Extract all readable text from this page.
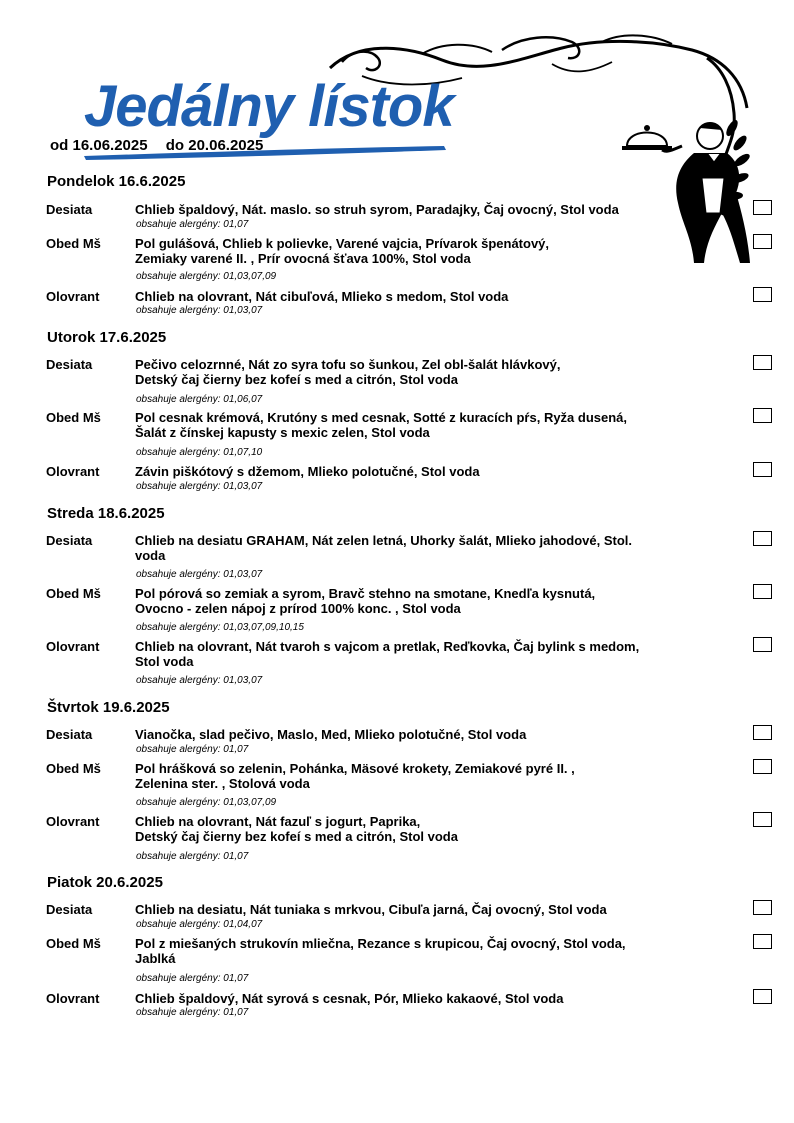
Jedálny lístok
od 16.06.2025 do 20.06.2025
Pondelok 16.6.2025
Desiata	Chlieb špaldový, Nát. maslo. so struh syrom, Paradajky, Čaj ovocný, Stol voda
obsahuje alergény: 01,07
Obed Mš	Pol gulášová, Chlieb k polievke, Varené vajcia, Prívarok špenátový,
Zemiaky varené II. , Prír ovocná šťava 100%, Stol voda
obsahuje alergény: 01,03,07,09
Olovrant	Chlieb na olovrant, Nát cibuľová, Mlieko s medom, Stol voda
obsahuje alergény: 01,03,07
Utorok 17.6.2025
Desiata	Pečivo celozrnné, Nát zo syra tofu so šunkou, Zel obl-šalát hlávkový,
Detský čaj čierny bez kofeí s med a citrón, Stol voda
obsahuje alergény: 01,06,07
Obed Mš	Pol cesnak krémová, Krutóny s med cesnak, Sotté z kuracích pŕs, Ryža dusená,
Šalát z čínskej kapusty s mexic zelen, Stol voda
obsahuje alergény: 01,07,10
Olovrant	Závin piškótový s džemom, Mlieko polotučné, Stol voda
obsahuje alergény: 01,03,07
Streda 18.6.2025
Desiata	Chlieb na desiatu GRAHAM, Nát zelen letná, Uhorky šalát, Mlieko jahodové, Stol.
voda
obsahuje alergény: 01,03,07
Obed Mš	Pol pórová so zemiak a syrom, Bravč stehno na smotane, Knedľa kysnutá,
Ovocno - zelen nápoj z prírod 100% konc. , Stol voda
obsahuje alergény: 01,03,07,09,10,15
Olovrant	Chlieb na olovrant, Nát tvaroh s vajcom a pretlak, Reďkovka, Čaj bylink s medom,
Stol voda
obsahuje alergény: 01,03,07
Štvrtok 19.6.2025
Desiata	Vianočka, slad pečivo, Maslo, Med, Mlieko polotučné, Stol voda
obsahuje alergény: 01,07
Obed Mš	Pol hrášková so zelenin, Pohánka, Mäsové krokety, Zemiakové pyré II. ,
Zelenina ster. , Stolová voda
obsahuje alergény: 01,03,07,09
Olovrant	Chlieb na olovrant, Nát fazuľ s jogurt, Paprika,
Detský čaj čierny bez kofeí s med a citrón, Stol voda
obsahuje alergény: 01,07
Piatok 20.6.2025
Desiata	Chlieb na desiatu, Nát tuniaka s mrkvou, Cibuľa jarná, Čaj ovocný, Stol voda
obsahuje alergény: 01,04,07
Obed Mš	Pol z miešaných strukovín mliečna, Rezance s krupicou, Čaj ovocný, Stol voda,
Jablká
obsahuje alergény: 01,07
Olovrant	Chlieb špaldový, Nát syrová s cesnak, Pór, Mlieko kakaové, Stol voda
obsahuje alergény: 01,07
